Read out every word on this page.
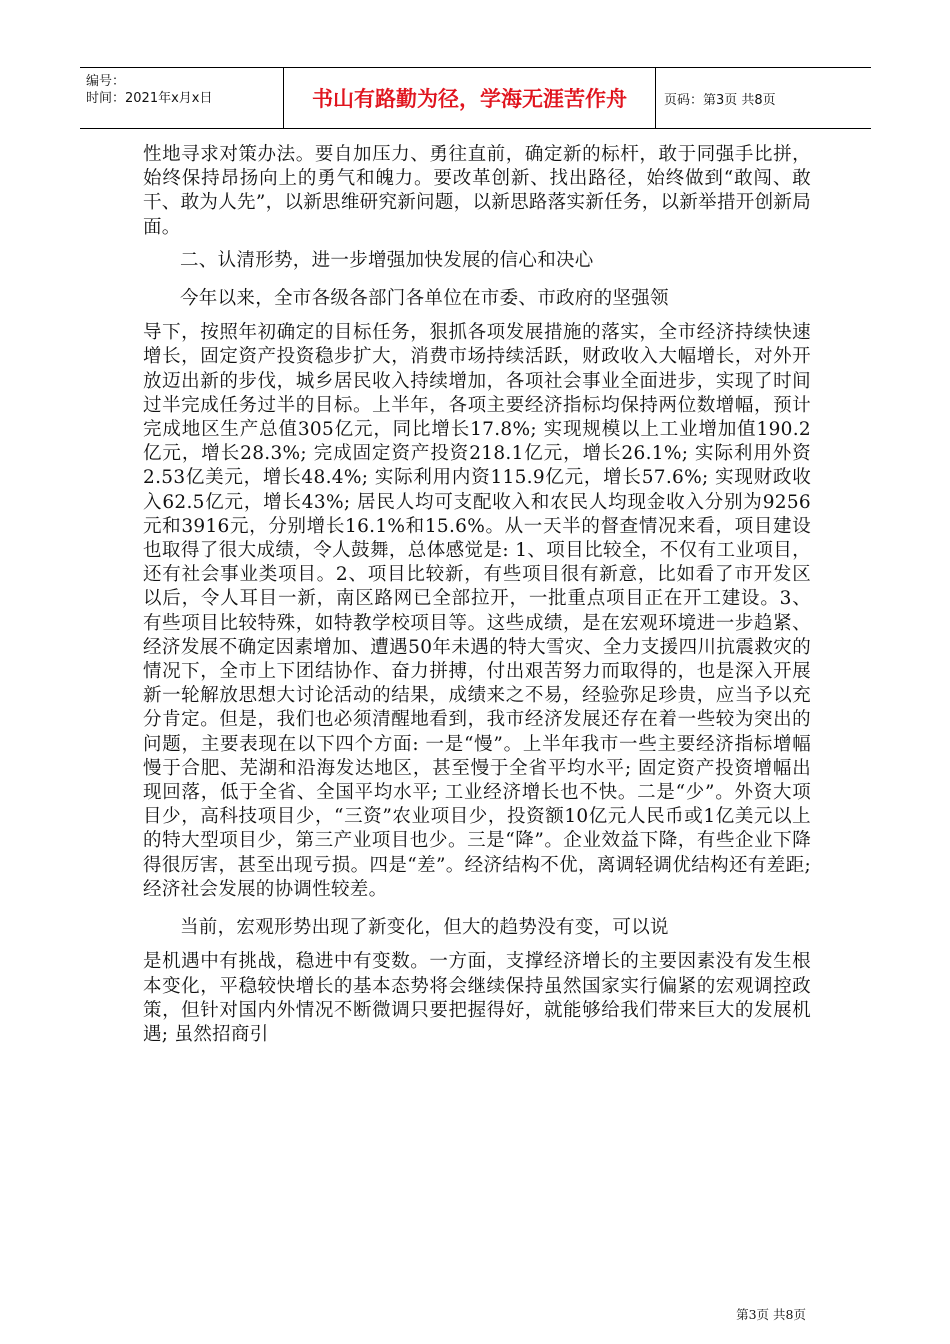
编号：
时间：2021年x月x日	书山有路勤为径，学海无涯苦作舟	页码：第3页 共8页

性地寻求对策办法。要自加压力、勇往直前，确定新的标杆，敢于同强手比拼，始终保持昂扬向上的勇气和魄力。要改革创新、找出路径，始终做到“敢闯、敢干、敢为人先”，以新思维研究新问题，以新思路落实新任务，以新举措开创新局面。

二、认清形势，进一步增强加快发展的信心和决心

今年以来，全市各级各部门各单位在市委、市政府的坚强领
导下，按照年初确定的目标任务，狠抓各项发展措施的落实，全市经济持续快速增长，固定资产投资稳步扩大，消费市场持续活跃，财政收入大幅增长，对外开放迈出新的步伐，城乡居民收入持续增加，各项社会事业全面进步，实现了时间过半完成任务过半的目标。上半年，各项主要经济指标均保持两位数增幅，预计完成地区生产总值305亿元，同比增长17.8%; 实现规模以上工业增加值190.2亿元，增长28.3%; 完成固定资产投资218.1亿元，增长26.1%; 实际利用外资2.53亿美元，增长48.4%; 实际利用内资115.9亿元，增长57.6%; 实现财政收入62.5亿元，增长43%; 居民人均可支配收入和农民人均现金收入分别为9256元和3916元，分别增长16.1%和15.6%。从一天半的督查情况来看，项目建设也取得了很大成绩，令人鼓舞，总体感觉是: 1、项目比较全，不仅有工业项目，还有社会事业类项目。2、项目比较新，有些项目很有新意，比如看了市开发区以后，令人耳目一新，南区路网已全部拉开，一批重点项目正在开工建设。3、有些项目比较特殊，如特教学校项目等。这些成绩，是在宏观环境进一步趋紧、经济发展不确定因素增加、遭遇50年未遇的特大雪灾、全力支援四川抗震救灾的情况下，全市上下团结协作、奋力拼搏，付出艰苦努力而取得的，也是深入开展新一轮解放思想大讨论活动的结果，成绩来之不易，经验弥足珍贵，应当予以充分肯定。但是，我们也必须清醒地看到，我市经济发展还存在着一些较为突出的问题，主要表现在以下四个方面: 一是“慢”。上半年我市一些主要经济指标增幅慢于合肥、芜湖和沿海发达地区，甚至慢于全省平均水平; 固定资产投资增幅出现回落，低于全省、全国平均水平; 工业经济增长也不快。二是“少”。外资大项目少，高科技项目少，“三资”农业项目少，投资额10亿元人民币或1亿美元以上的特大型项目少，第三产业项目也少。三是“降”。企业效益下降，有些企业下降得很厉害，甚至出现亏损。四是“差”。经济结构不优，离调轻调优结构还有差距; 经济社会发展的协调性较差。

当前，宏观形势出现了新变化，但大的趋势没有变，可以说
是机遇中有挑战，稳进中有变数。一方面，支撑经济增长的主要因素没有发生根本变化，平稳较快增长的基本态势将会继续保持虽然国家实行偏紧的宏观调控政策，但针对国内外情况不断微调只要把握得好，就能够给我们带来巨大的发展机遇; 虽然招商引

第3页 共8页
